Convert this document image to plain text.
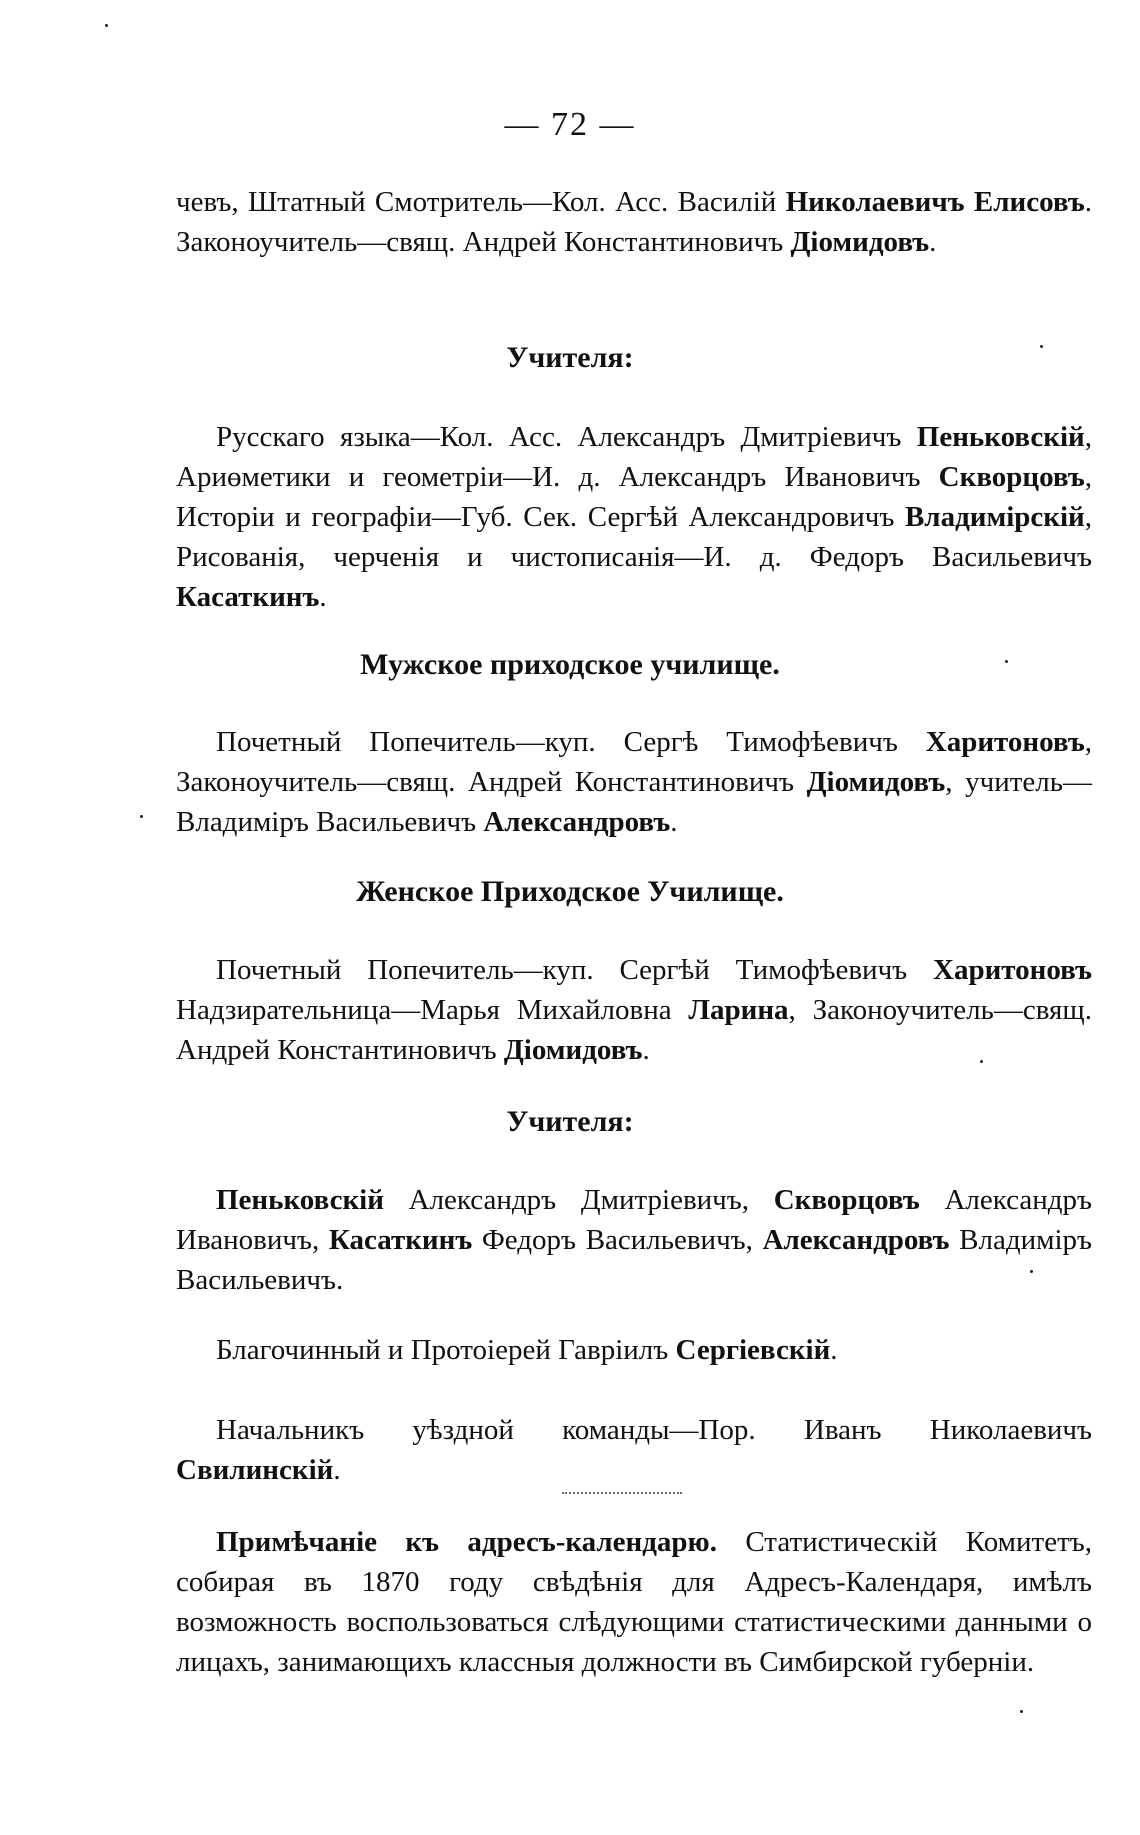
— 72 —
чевъ, Штатный Смотритель—Кол. Асс. Василій Николаевичъ Елисовъ. Законоучитель—свящ. Андрей Константиновичъ Діомидовъ.
Учителя:
Русскаго языка—Кол. Асс. Александръ Дмитріевичъ Пеньковскій, Ариөметики и геометріи—И. д. Александръ Ивановичъ Скворцовъ, Исторіи и географіи—Губ. Сек. Сергѣй Александровичъ Владимірскій, Рисованія, черченія и чистописанія—И. д. Федоръ Васильевичъ Касаткинъ.
Мужское приходское училище.
Почетный Попечитель—куп. Сергѣ Тимофѣевичъ Харитоновъ, Законоучитель—свящ. Андрей Константиновичъ Діомидовъ, учитель—Владиміръ Васильевичъ Александровъ.
Женское Приходское Училище.
Почетный Попечитель—куп. Сергѣй Тимофѣевичъ Харитоновъ Надзирательница—Марья Михайловна Ларина, Законоучитель—свящ. Андрей Константиновичъ Діомидовъ.
Учителя:
Пеньковскій Александръ Дмитріевичъ, Скворцовъ Александръ Ивановичъ, Касаткинъ Федоръ Васильевичъ, Александровъ Владиміръ Васильевичъ.
Благочинный и Протоіерей Гавріилъ Сергіевскій.
Начальникъ уѣздной команды—Пор. Иванъ Николаевичъ Свилинскій.
Примѣчаніе къ адресъ-календарю. Статистическій Комитетъ, собирая въ 1870 году свѣдѣнія для Адресъ-Календаря, имѣлъ возможность воспользоваться слѣдующими статистическими данными о лицахъ, занимающихъ классныя должности въ Симбирской губерніи.
